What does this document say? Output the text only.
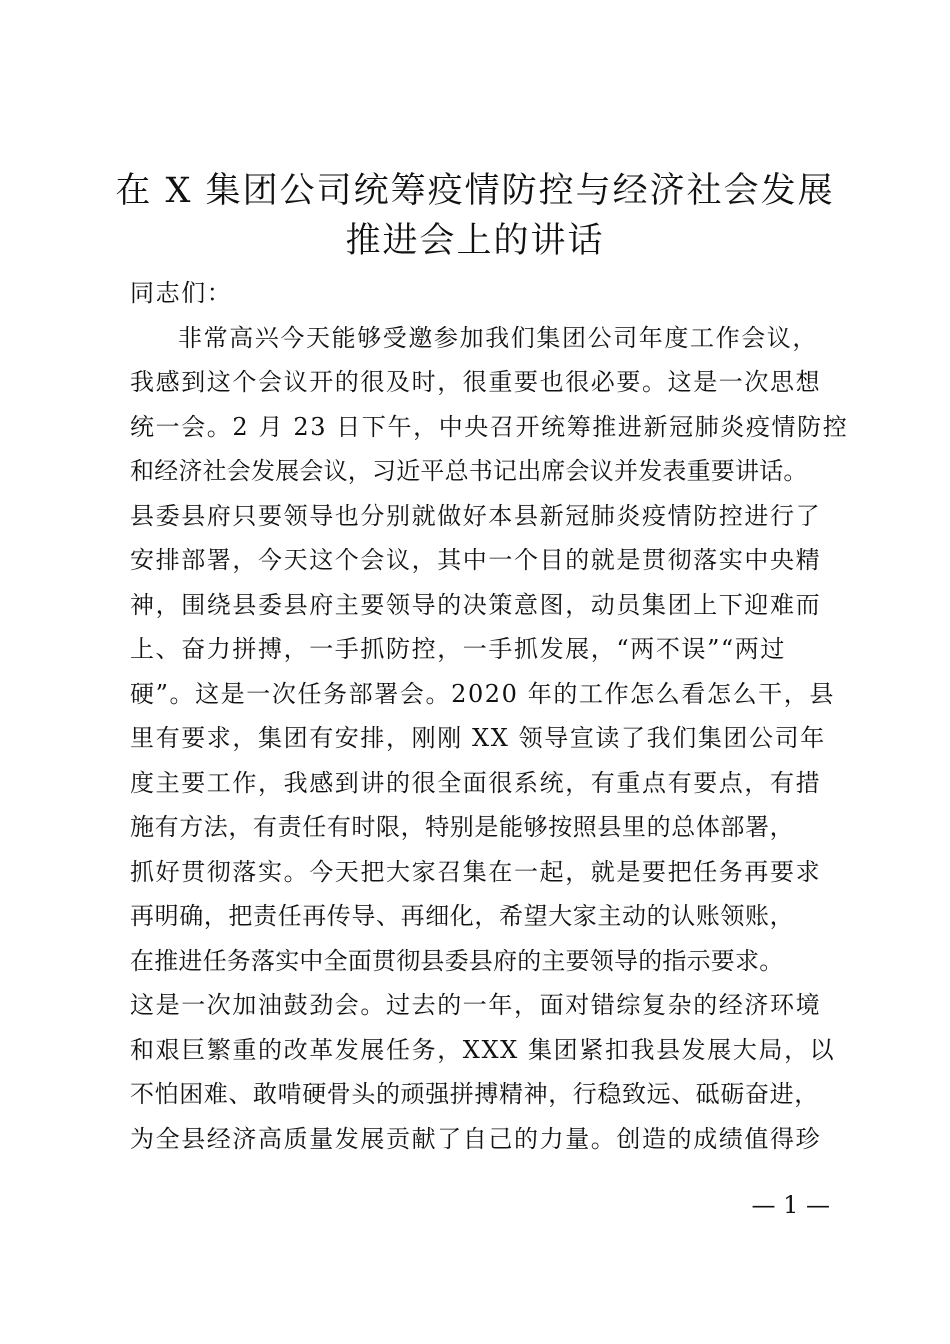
在 X 集团公司统筹疫情防控与经济社会发展
推进会上的讲话
同志们：
非常高兴今天能够受邀参加我们集团公司年度工作会议，
我感到这个会议开的很及时，很重要也很必要。这是一次思想
统一会。2 月 23 日下午，中央召开统筹推进新冠肺炎疫情防控
和经济社会发展会议，习近平总书记出席会议并发表重要讲话。
县委县府只要领导也分别就做好本县新冠肺炎疫情防控进行了
安排部署，今天这个会议，其中一个目的就是贯彻落实中央精
神，围绕县委县府主要领导的决策意图，动员集团上下迎难而
上、奋力拼搏，一手抓防控，一手抓发展，“两不误”“两过
硬”。这是一次任务部署会。2020 年的工作怎么看怎么干，县
里有要求，集团有安排，刚刚 XX 领导宣读了我们集团公司年
度主要工作，我感到讲的很全面很系统，有重点有要点，有措
施有方法，有责任有时限，特别是能够按照县里的总体部署，
抓好贯彻落实。今天把大家召集在一起，就是要把任务再要求
再明确，把责任再传导、再细化，希望大家主动的认账领账，
在推进任务落实中全面贯彻县委县府的主要领导的指示要求。
这是一次加油鼓劲会。过去的一年，面对错综复杂的经济环境
和艰巨繁重的改革发展任务，XXX 集团紧扣我县发展大局，以
不怕困难、敢啃硬骨头的顽强拼搏精神，行稳致远、砥砺奋进，
为全县经济高质量发展贡献了自己的力量。创造的成绩值得珍
— 1 —
